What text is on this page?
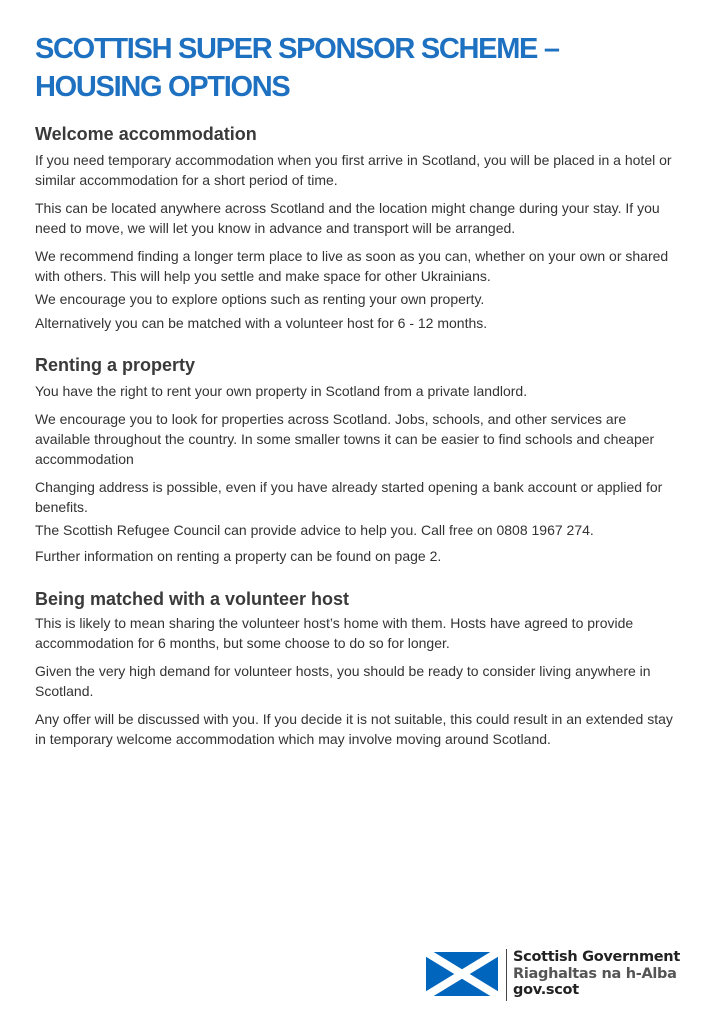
SCOTTISH SUPER SPONSOR SCHEME –
HOUSING OPTIONS
Welcome accommodation

If you need temporary accommodation when you first arrive in Scotland, you will be placed in a hotel or similar accommodation for a short period of time.

This can be located anywhere across Scotland and the location might change during your stay. If you need to move, we will let you know in advance and transport will be arranged.

We recommend finding a longer term place to live as soon as you can, whether on your own or shared with others. This will help you settle and make space for other Ukrainians.

We encourage you to explore options such as renting your own property.

Alternatively you can be matched with a volunteer host for 6 - 12 months.

Renting a property

You have the right to rent your own property in Scotland from a private landlord.

We encourage you to look for properties across Scotland. Jobs, schools, and other services are available throughout the country. In some smaller towns it can be easier to find schools and cheaper accommodation

Changing address is possible, even if you have already started opening a bank account or applied for benefits.

The Scottish Refugee Council can provide advice to help you. Call free on 0808 1967 274.

Further information on renting a property can be found on page 2.

Being matched with a volunteer host

This is likely to mean sharing the volunteer host’s home with them. Hosts have agreed to provide accommodation for 6 months, but some choose to do so for longer.

Given the very high demand for volunteer hosts, you should be ready to consider living anywhere in Scotland.

Any offer will be discussed with you. If you decide it is not suitable, this could result in an extended stay in temporary welcome accommodation which may involve moving around Scotland.

Scottish Government
Riaghaltas na h-Alba
gov.scot
